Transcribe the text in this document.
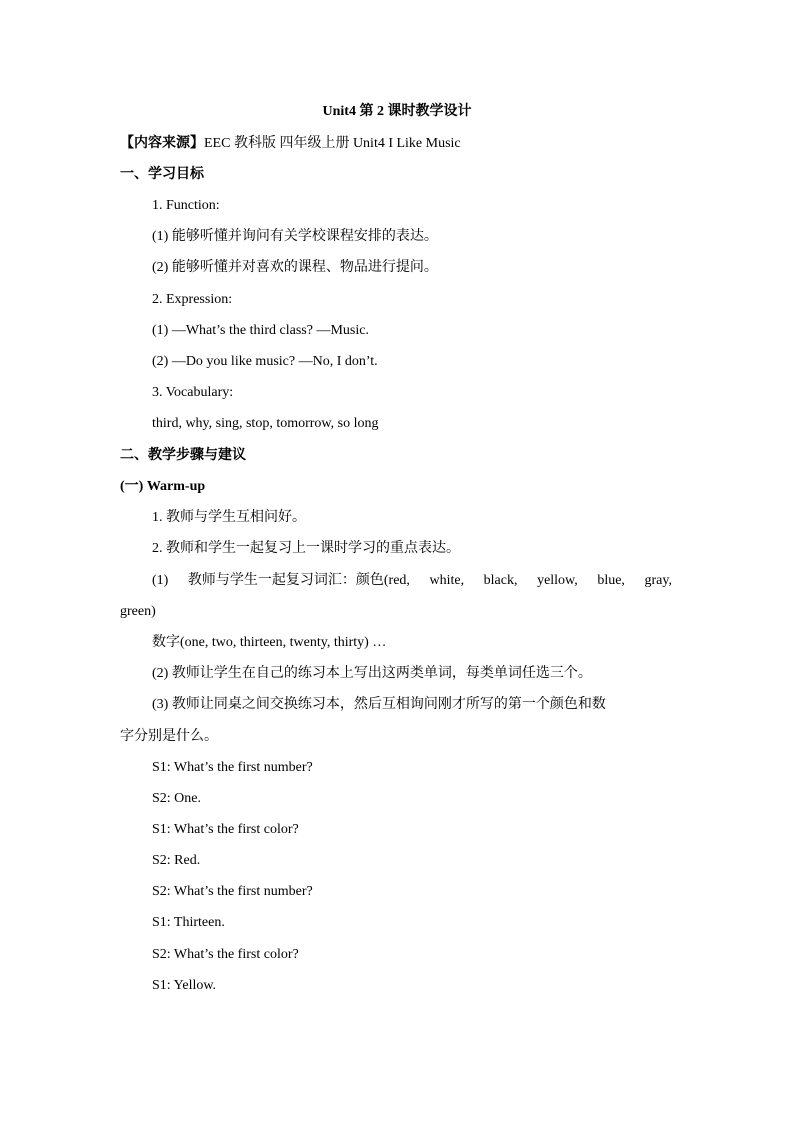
Unit4 第 2 课时教学设计
【内容来源】EEC 教科版 四年级上册 Unit4 I Like Music
一、学习目标
1. Function:
(1) 能够听懂并询问有关学校课程安排的表达。
(2) 能够听懂并对喜欢的课程、物品进行提问。
2. Expression:
(1) —What’s the third class? —Music.
(2) —Do you like music? —No, I don’t.
3. Vocabulary:
third, why, sing, stop, tomorrow, so long
二、教学步骤与建议
(一) Warm-up
1. 教师与学生互相问好。
2. 教师和学生一起复习上一课时学习的重点表达。
(1) 教师与学生一起复习词汇：颜色(red, white, black, yellow, blue, gray,
green)
数字(one, two, thirteen, twenty, thirty) …
(2) 教师让学生在自己的练习本上写出这两类单词，每类单词任选三个。
(3) 教师让同桌之间交换练习本，然后互相询问刚才所写的第一个颜色和数
字分别是什么。
S1: What’s the first number?
S2: One.
S1: What’s the first color?
S2: Red.
S2: What’s the first number?
S1: Thirteen.
S2: What’s the first color?
S1: Yellow.
